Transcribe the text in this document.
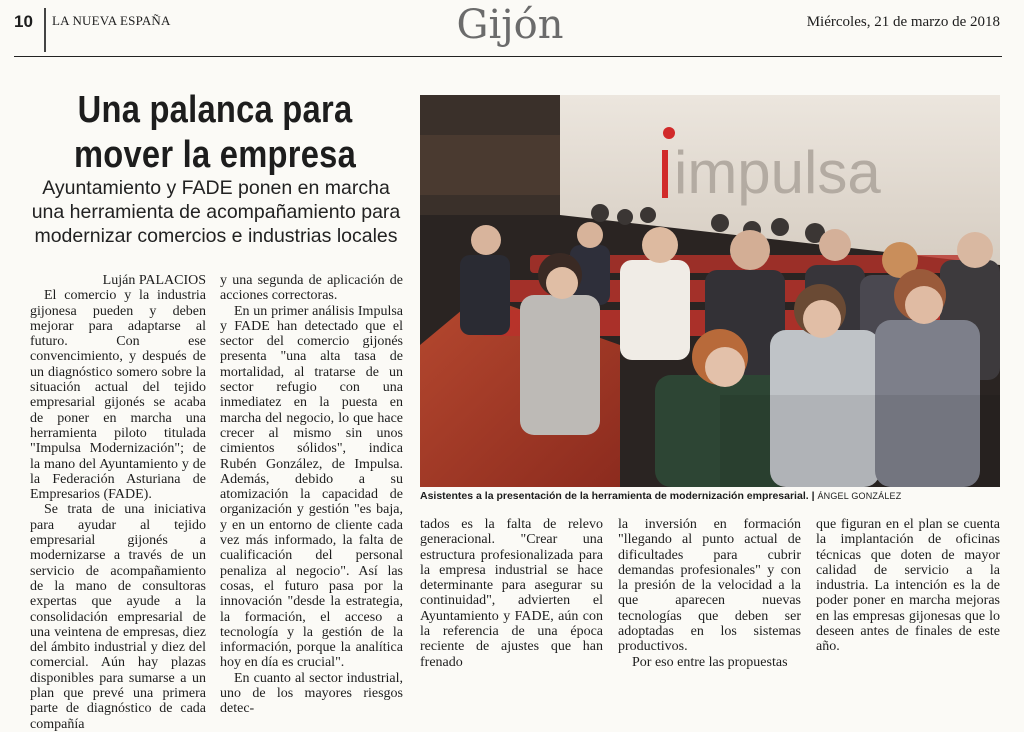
10 LA NUEVA ESPAÑA	Gijón	Miércoles, 21 de marzo de 2018
Una palanca para mover la empresa
Ayuntamiento y FADE ponen en marcha una herramienta de acompañamiento para modernizar comercios e industrias locales
impulsa
Asistentes a la presentación de la herramienta de modernización empresarial. | ÁNGEL GONZÁLEZ

Luján PALACIOS

El comercio y la industria gijonesa pueden y deben mejorar para adaptarse al futuro. Con ese convencimiento, y después de un diagnóstico somero sobre la situación actual del tejido empresarial gijonés se acaba de poner en marcha una herramienta piloto titulada "Impulsa Modernización"; de la mano del Ayuntamiento y de la Federación Asturiana de Empresarios (FADE).

Se trata de una iniciativa para ayudar al tejido empresarial gijonés a modernizarse a través de un servicio de acompañamiento de la mano de consultoras expertas que ayude a la consolidación empresarial de una veintena de empresas, diez del ámbito industrial y diez del comercial. Aún hay plazas disponibles para sumarse a un plan que prevé una primera parte de diagnóstico de cada compañía

y una segunda de aplicación de acciones correctoras.

En un primer análisis Impulsa y FADE han detectado que el sector del comercio gijonés presenta "una alta tasa de mortalidad, al tratarse de un sector refugio con una inmediatez en la puesta en marcha del negocio, lo que hace crecer al mismo sin unos cimientos sólidos", indica Rubén González, de Impulsa. Además, debido a su atomización la capacidad de organización y gestión "es baja, y en un entorno de cliente cada vez más informado, la falta de cualificación del personal penaliza al negocio". Así las cosas, el futuro pasa por la innovación "desde la estrategia, la formación, el acceso a tecnología y la gestión de la información, porque la analítica hoy en día es crucial".

En cuanto al sector industrial, uno de los mayores riesgos detec-

tados es la falta de relevo generacional. "Crear una estructura profesionalizada para la empresa industrial se hace determinante para asegurar su continuidad", advierten el Ayuntamiento y FADE, aún con la referencia de una época reciente de ajustes que han frenado

la inversión en formación "llegando al punto actual de dificultades para cubrir demandas profesionales" y con la presión de la velocidad a la que aparecen nuevas tecnologías que deben ser adoptadas en los sistemas productivos.

Por eso entre las propuestas

que figuran en el plan se cuenta la implantación de oficinas técnicas que doten de mayor calidad de servicio a la industria. La intención es la de poder poner en marcha mejoras en las empresas gijonesas que lo deseen antes de finales de este año.
